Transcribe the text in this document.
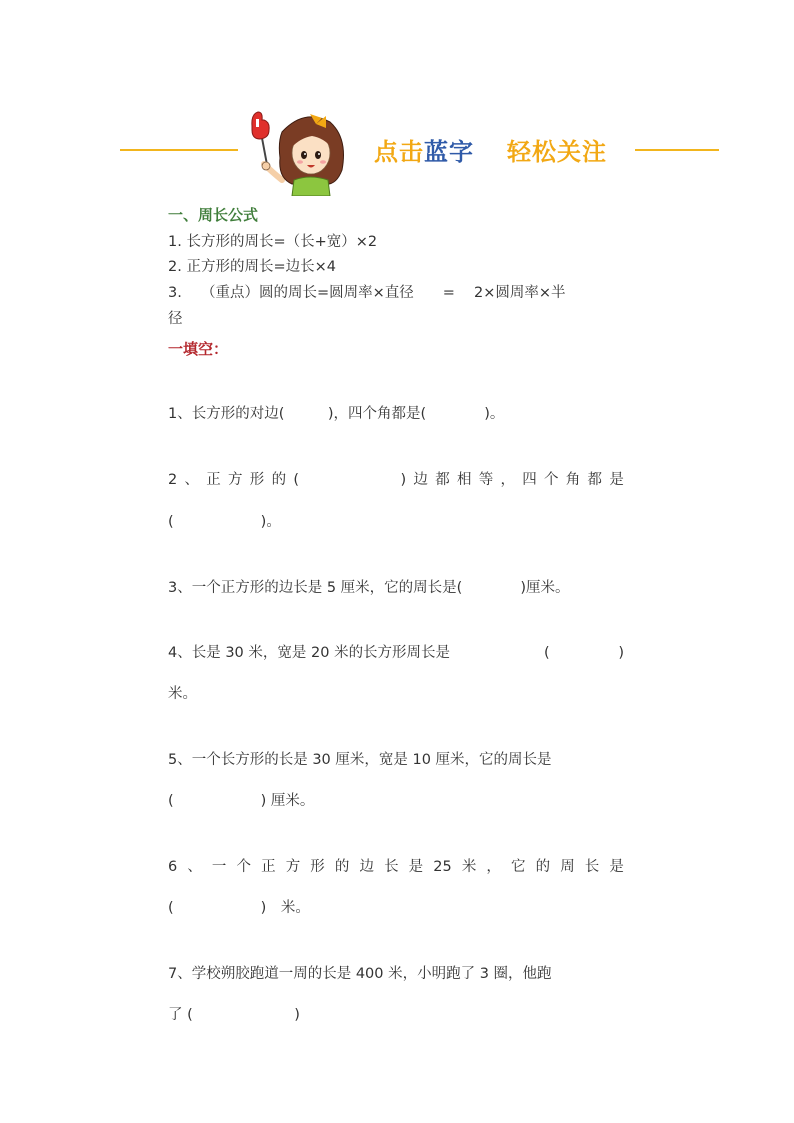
点击蓝字 轻松关注
一、周长公式
1. 长方形的周长=（长+宽）×2
2. 正方形的周长=边长×4
3.　 （重点）圆的周长=圆周率×直径　　=　 2×圆周率×半
径
一填空：
1、长方形的对边(　　　)，四个角都是(　　　　)。
2 、 正 方 形 的 (　　　　　　　) 边 都 相 等 ， 四 个 角 都 是
(　　　　　　)。
3、一个正方形的边长是 5 厘米，它的周长是(　　　　)厘米。
4、长是 30 米，宽是 20 米的长方形周长是	(	)
米。
5、一个长方形的长是 30 厘米，宽是 10 厘米，它的周长是
(　　　　　　) 厘米。
6 、 一 个 正 方 形 的 边 长 是 25 米 ， 它 的 周 长 是
(　　　　　　)　米。
7、学校朔胶跑道一周的长是 400 米，小明跑了 3 圈，他跑
了 (　　　　　　　)
